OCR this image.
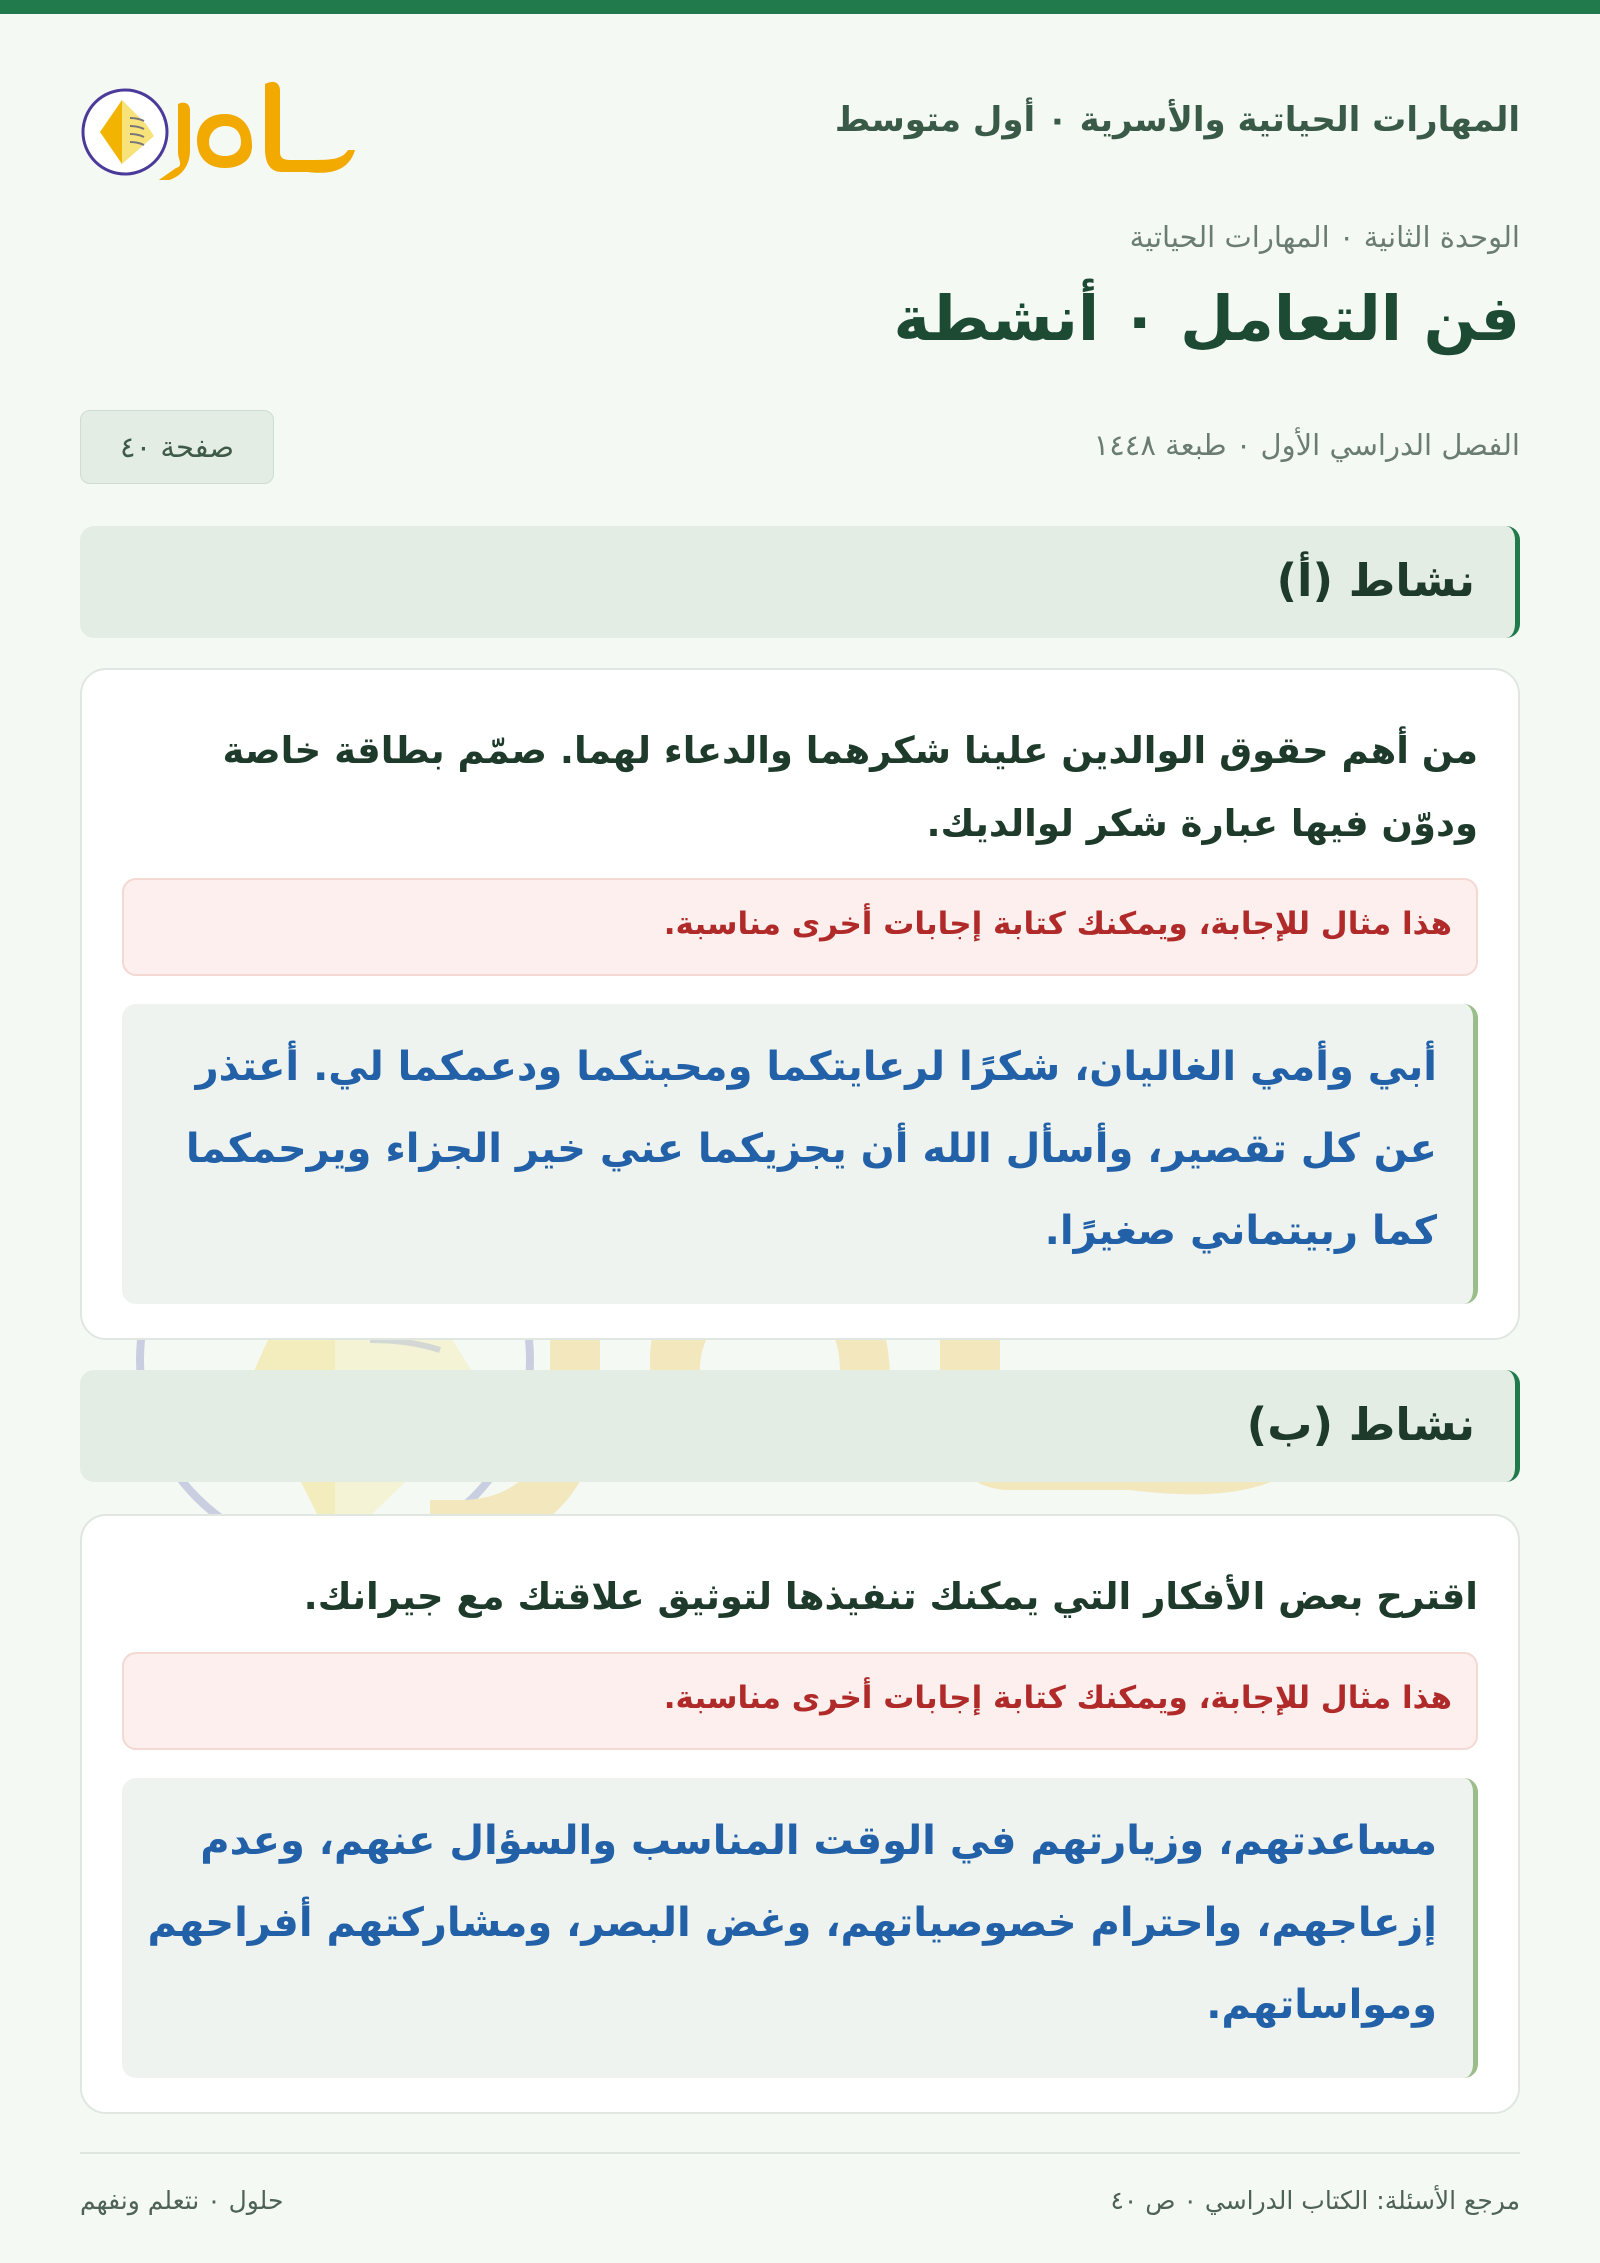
المهارات الحياتية والأسرية ٠ أول متوسط
الوحدة الثانية ٠ المهارات الحياتية
فن التعامل ٠ أنشطة
الفصل الدراسي الأول ٠ طبعة ١٤٤٨
صفحة ٤٠
نشاط (أ)
من أهم حقوق الوالدين علينا شكرهما والدعاء لهما. صمّم بطاقة خاصة ودوّن فيها عبارة شكر لوالديك.
هذا مثال للإجابة، ويمكنك كتابة إجابات أخرى مناسبة.
أبي وأمي الغاليان، شكرًا لرعايتكما ومحبتكما ودعمكما لي. أعتذر عن كل تقصير، وأسأل الله أن يجزيكما عني خير الجزاء ويرحمكما كما ربيتماني صغيرًا.
نشاط (ب)
اقترح بعض الأفكار التي يمكنك تنفيذها لتوثيق علاقتك مع جيرانك.
هذا مثال للإجابة، ويمكنك كتابة إجابات أخرى مناسبة.
مساعدتهم، وزيارتهم في الوقت المناسب والسؤال عنهم، وعدم إزعاجهم، واحترام خصوصياتهم، وغض البصر، ومشاركتهم أفراحهم ومواساتهم.
مرجع الأسئلة: الكتاب الدراسي ٠ ص ٤٠
حلول ٠ نتعلم ونفهم
